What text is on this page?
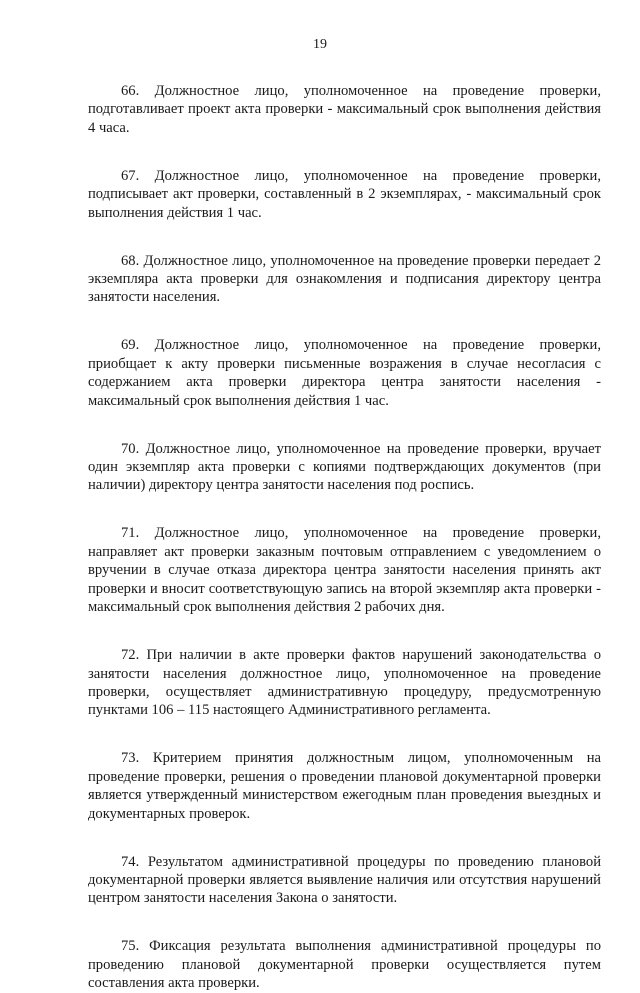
19

66. Должностное лицо, уполномоченное на проведение проверки, подготавливает проект акта проверки - максимальный срок выполнения действия 4 часа.

67. Должностное лицо, уполномоченное на проведение проверки, подписывает акт проверки, составленный в 2 экземплярах, - максимальный срок выполнения действия 1 час.

68. Должностное лицо, уполномоченное на проведение проверки передает 2 экземпляра акта проверки для ознакомления и подписания директору центра занятости населения.

69. Должностное лицо, уполномоченное на проведение проверки, приобщает к акту проверки письменные возражения в случае несогласия с содержанием акта проверки директора центра занятости населения - максимальный срок выполнения действия 1 час.

70. Должностное лицо, уполномоченное на проведение проверки, вручает один экземпляр акта проверки с копиями подтверждающих документов (при наличии) директору центра занятости населения под роспись.

71. Должностное лицо, уполномоченное на проведение проверки, направляет акт проверки заказным почтовым отправлением с уведомлением о вручении в случае отказа директора центра занятости населения принять акт проверки и вносит соответствующую запись на второй экземпляр акта проверки - максимальный срок выполнения действия 2 рабочих дня.

72. При наличии в акте проверки фактов нарушений законодательства о занятости населения должностное лицо, уполномоченное на проведение проверки, осуществляет административную процедуру, предусмотренную пунктами 106 – 115 настоящего Административного регламента.

73. Критерием принятия должностным лицом, уполномоченным на проведение проверки, решения о проведении плановой документарной проверки является утвержденный министерством ежегодным план проведения выездных и документарных проверок.

74. Результатом административной процедуры по проведению плановой документарной проверки является выявление наличия или отсутствия нарушений центром занятости населения Закона о занятости.

75. Фиксация результата выполнения административной процедуры по проведению плановой документарной проверки осуществляется путем составления акта проверки.
